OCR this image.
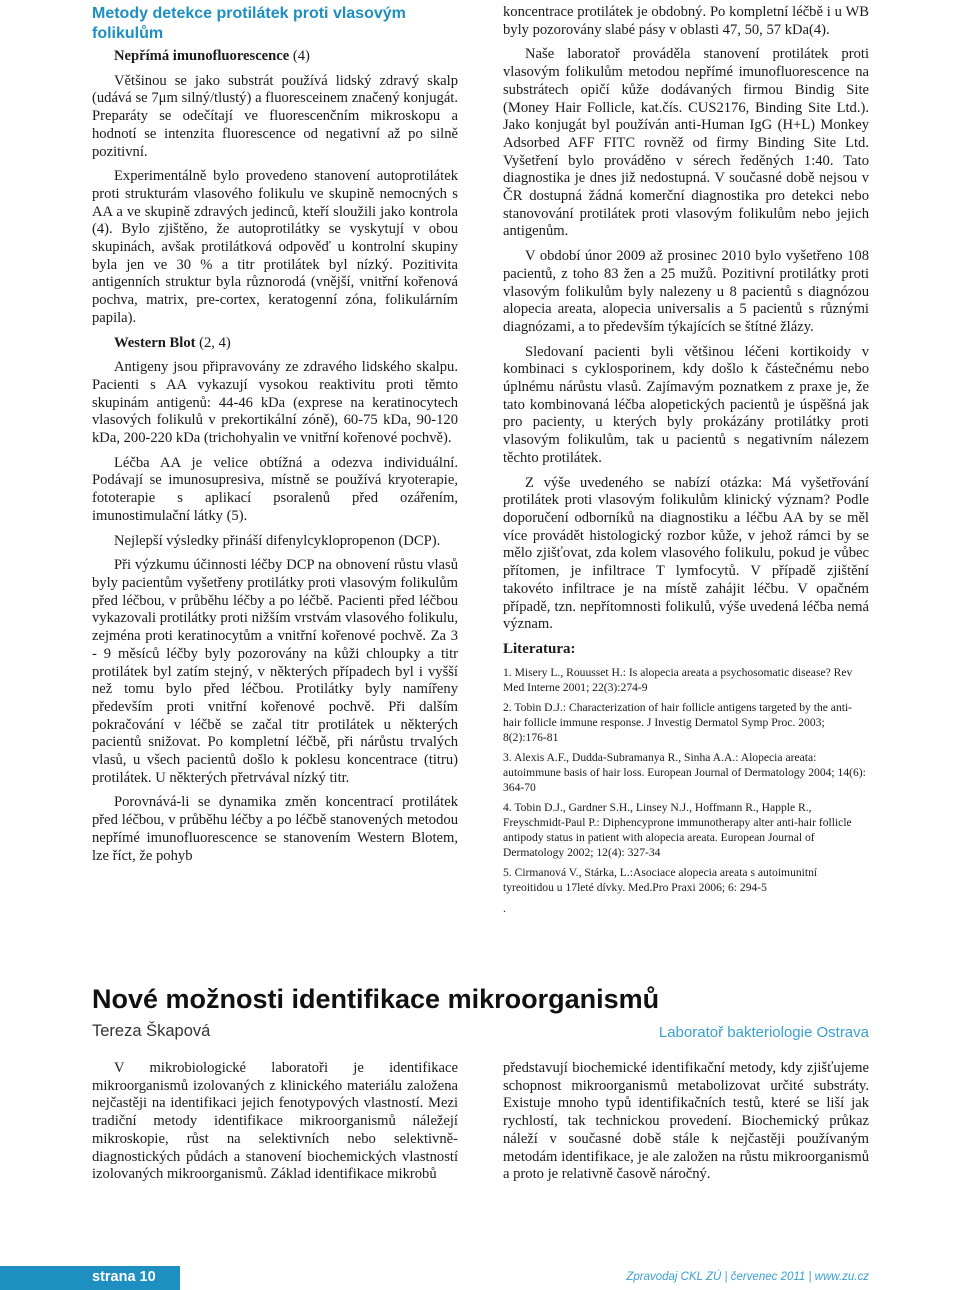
Metody detekce protilátek proti vlasovým folikulům

Nepřímá imunofluorescence (4)

Většinou se jako substrát používá lidský zdravý skalp (udává se 7μm silný/tlustý) a fluoresceinem značený konjugát. Preparáty se odečítají ve fluorescenčním mikroskopu a hodnotí se intenzita fluorescence od negativní až po silně pozitivní.

Experimentálně bylo provedeno stanovení autoprotilátek proti strukturám vlasového folikulu ve skupině nemocných s AA a ve skupině zdravých jedinců, kteří sloužili jako kontrola (4). Bylo zjištěno, že autoprotilátky se vyskytují v obou skupinách, avšak protilátková odpověď u kontrolní skupiny byla jen ve 30 % a titr protilátek byl nízký. Pozitivita antigenních struktur byla různorodá (vnější, vnitřní kořenová pochva, matrix, pre-cortex, keratogenní zóna, folikulárním papila).

Western Blot (2, 4)

Antigeny jsou připravovány ze zdravého lidského skalpu. Pacienti s AA vykazují vysokou reaktivitu proti těmto skupinám antigenů: 44-46 kDa (exprese na keratinocytech vlasových folikulů v prekortikální zóně), 60-75 kDa, 90-120 kDa, 200-220 kDa (trichohyalin ve vnitřní kořenové pochvě).

Léčba AA je velice obtížná a odezva individuální. Podávají se imunosupresiva, místně se používá kryoterapie, fototerapie s aplikací psoralenů před ozářením, imunostimulační látky (5).

Nejlepší výsledky přináší difenylcyklopropenon (DCP).

Při výzkumu účinnosti léčby DCP na obnovení růstu vlasů byly pacientům vyšetřeny protilátky proti vlasovým folikulům před léčbou, v průběhu léčby a po léčbě. Pacienti před léčbou vykazovali protilátky proti nižším vrstvám vlasového folikulu, zejména proti keratinocytům a vnitřní kořenové pochvě. Za 3 - 9 měsíců léčby byly pozorovány na kůži chloupky a titr protilátek byl zatím stejný, v některých případech byl i vyšší než tomu bylo před léčbou. Protilátky byly namířeny především proti vnitřní kořenové pochvě. Při dalším pokračování v léčbě se začal titr protilátek u některých pacientů snižovat. Po kompletní léčbě, při nárůstu trvalých vlasů, u všech pacientů došlo k poklesu koncentrace (titru) protilátek. U některých přetrvával nízký titr.

Porovnává-li se dynamika změn koncentrací protilátek před léčbou, v průběhu léčby a po léčbě stanovených metodou nepřímé imunofluorescence se stanovením Western Blotem, lze říct, že pohyb

koncentrace protilátek je obdobný. Po kompletní léčbě i u WB byly pozorovány slabé pásy v oblasti 47, 50, 57 kDa(4).

Naše laboratoř prováděla stanovení protilátek proti vlasovým folikulům metodou nepřímé imunofluorescence na substrátech opičí kůže dodávaných firmou Bindig Site (Money Hair Follicle, kat.čís. CUS2176, Binding Site Ltd.). Jako konjugát byl používán anti-Human IgG (H+L) Monkey Adsorbed AFF FITC rovněž od firmy Binding Site Ltd. Vyšetření bylo prováděno v sérech ředěných 1:40. Tato diagnostika je dnes již nedostupná. V současné době nejsou v ČR dostupná žádná komerční diagnostika pro detekci nebo stanovování protilátek proti vlasovým folikulům nebo jejich antigenům.

V období únor 2009 až prosinec 2010 bylo vyšetřeno 108 pacientů, z toho 83 žen a 25 mužů. Pozitivní protilátky proti vlasovým folikulům byly nalezeny u 8 pacientů s diagnózou alopecia areata, alopecia universalis a 5 pacientů s různými diagnózami, a to především týkajících se štítné žlázy.

Sledovaní pacienti byli většinou léčeni kortikoidy v kombinaci s cyklosporinem, kdy došlo k částečnému nebo úplnému nárůstu vlasů. Zajímavým poznatkem z praxe je, že tato kombinovaná léčba alopetických pacientů je úspěšná jak pro pacienty, u kterých byly prokázány protilátky proti vlasovým folikulům, tak u pacientů s negativním nálezem těchto protilátek.

Z výše uvedeného se nabízí otázka: Má vyšetřování protilátek proti vlasovým folikulům klinický význam? Podle doporučení odborníků na diagnostiku a léčbu AA by se měl více provádět histologický rozbor kůže, v jehož rámci by se mělo zjišťovat, zda kolem vlasového folikulu, pokud je vůbec přítomen, je infiltrace T lymfocytů. V případě zjištění takovéto infiltrace je na místě zahájit léčbu. V opačném případě, tzn. nepřítomnosti folikulů, výše uvedená léčba nemá význam.

Literatura:
1. Misery L., Rouusset H.: Is alopecia areata a psychosomatic disease? Rev Med Interne 2001; 22(3):274-9
2. Tobin D.J.: Characterization of hair follicle antigens targeted by the anti-hair follicle immune response. J Investig Dermatol Symp Proc. 2003; 8(2):176-81
3. Alexis A.F., Dudda-Subramanya R., Sinha A.A.: Alopecia areata: autoimmune basis of hair loss. European Journal of Dermatology 2004; 14(6): 364-70
4. Tobin D.J., Gardner S.H., Linsey N.J., Hoffmann R., Happle R., Freyschmidt-Paul P.: Diphencyprone immunotherapy alter anti-hair follicle antipody status in patient with alopecia areata. European Journal of Dermatology 2002; 12(4): 327-34
5. Cirmanová V., Stárka, L.:Asociace alopecia areata s autoimunitní tyreoitidou u 17leté dívky. Med.Pro Praxi 2006; 6: 294-5
.
Nové možnosti identifikace mikroorganismů
Tereza Škapová	Laboratoř bakteriologie Ostrava

V mikrobiologické laboratoři je identifikace mikroorganismů izolovaných z klinického materiálu založena nejčastěji na identifikaci jejich fenotypových vlastností. Mezi tradiční metody identifikace mikroorganismů náležejí mikroskopie, růst na selektivních nebo selektivně-diagnostických půdách a stanovení biochemických vlastností izolovaných mikroorganismů. Základ identifikace mikrobů

představují biochemické identifikační metody, kdy zjišťujeme schopnost mikroorganismů metabolizovat určité substráty. Existuje mnoho typů identifikačních testů, které se liší jak rychlostí, tak technickou provedení. Biochemický průkaz náleží v současné době stále k nejčastěji používaným metodám identifikace, je ale založen na růstu mikroorganismů a proto je relativně časově náročný.

strana 10	Zpravodaj CKL ZÚ | červenec 2011 | www.zu.cz
